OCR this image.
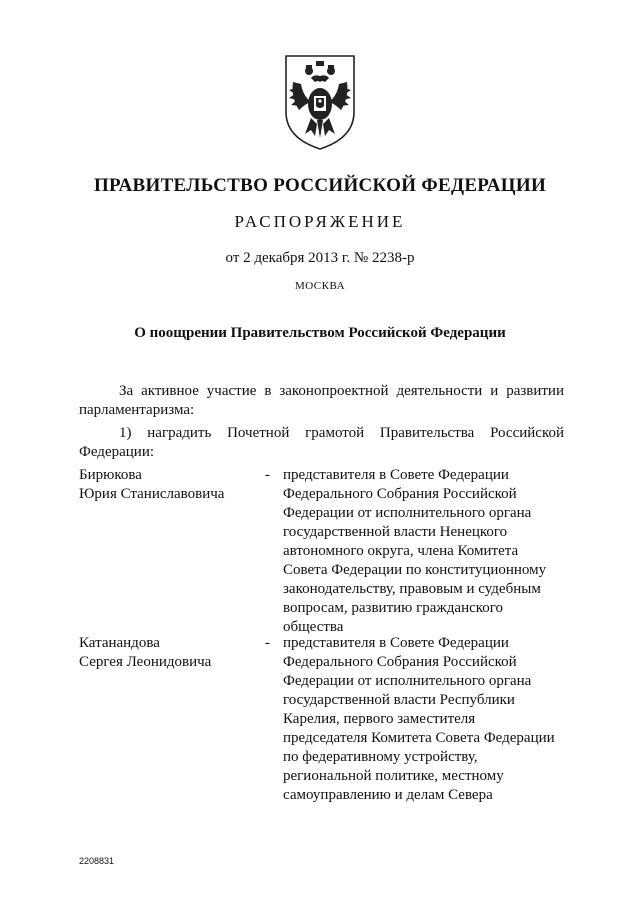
ПРАВИТЕЛЬСТВО РОССИЙСКОЙ ФЕДЕРАЦИИ
РАСПОРЯЖЕНИЕ
от 2 декабря 2013 г. № 2238-р
МОСКВА
О поощрении Правительством Российской Федерации
За активное участие в законопроектной деятельности и развитии
парламентаризма:
1) наградить Почетной грамотой Правительства Российской
Федерации:
Бирюкова
Юрия Станиславовича
- представителя в Совете Федерации
Федерального Собрания Российской
Федерации от исполнительного органа
государственной власти Ненецкого
автономного округа, члена Комитета
Совета Федерации по конституционному
законодательству, правовым и судебным
вопросам, развитию гражданского
общества
Катанандова
Сергея Леонидовича
- представителя в Совете Федерации
Федерального Собрания Российской
Федерации от исполнительного органа
государственной власти Республики
Карелия, первого заместителя
председателя Комитета Совета Федерации
по федеративному устройству,
региональной политике, местному
самоуправлению и делам Севера
2208831
